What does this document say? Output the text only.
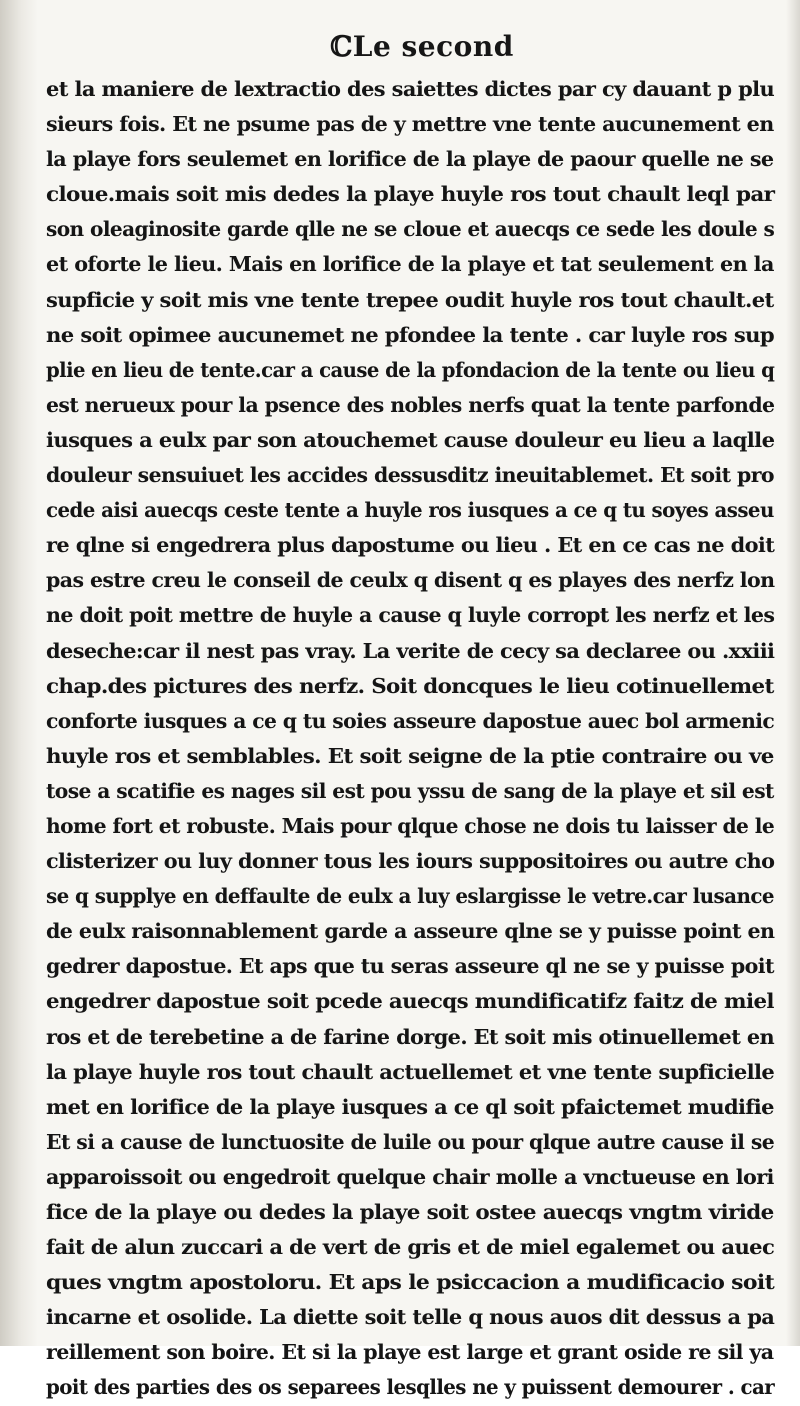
ℂLe second
et la maniere de lextractio des saiettes dictes par cy dauant p plu
sieurs fois. Et ne psume pas de y mettre vne tente aucunement en
la playe fors seulemet en lorifice de la playe de paour quelle ne se
cloue.mais soit mis dedes la playe huyle ros tout chault leql par
son oleaginosite garde qlle ne se cloue et auecqs ce sede les doule s
et oforte le lieu. Mais en lorifice de la playe et tat seulement en la
supficie y soit mis vne tente trepee oudit huyle ros tout chault.et
ne soit opimee aucunemet ne pfondee la tente . car luyle ros sup
plie en lieu de tente.car a cause de la pfondacion de la tente ou lieu q
est nerueux pour la psence des nobles nerfs quat la tente parfonde
iusques a eulx par son atouchemet cause douleur eu lieu a laqlle
douleur sensuiuet les accides dessusditz ineuitablemet. Et soit pro
cede aisi auecqs ceste tente a huyle ros iusques a ce q tu soyes asseu
re qlne si engedrera plus dapostume ou lieu . Et en ce cas ne doit
pas estre creu le conseil de ceulx q disent q es playes des nerfz lon
ne doit poit mettre de huyle a cause q luyle corropt les nerfz et les
deseche:car il nest pas vray. La verite de cecy sa declaree ou .xxiii
chap.des pictures des nerfz. Soit doncques le lieu cotinuellemet
conforte iusques a ce q tu soies asseure dapostue auec bol armenic
huyle ros et semblables. Et soit seigne de la ptie contraire ou ve
tose a scatifie es nages sil est pou yssu de sang de la playe et sil est
home fort et robuste. Mais pour qlque chose ne dois tu laisser de le
clisterizer ou luy donner tous les iours suppositoires ou autre cho
se q supplye en deffaulte de eulx a luy eslargisse le vetre.car lusance
de eulx raisonnablement garde a asseure qlne se y puisse point en
gedrer dapostue. Et aps que tu seras asseure ql ne se y puisse poit
engedrer dapostue soit pcede auecqs mundificatifz faitz de miel
ros et de terebetine a de farine dorge. Et soit mis otinuellemet en
la playe huyle ros tout chault actuellemet et vne tente supficielle
met en lorifice de la playe iusques a ce ql soit pfaictemet mudifie
Et si a cause de lunctuosite de luile ou pour qlque autre cause il se
apparoissoit ou engedroit quelque chair molle a vnctueuse en lori
fice de la playe ou dedes la playe soit ostee auecqs vngtm viride
fait de alun zuccari a de vert de gris et de miel egalemet ou auec
ques vngtm apostoloru. Et aps le psiccacion a mudificacio soit
incarne et osolide. La diette soit telle q nous auos dit dessus a pa
reillement son boire. Et si la playe est large et grant oside re sil ya
poit des parties des os separees lesqlles ne y puissent demourer . car
